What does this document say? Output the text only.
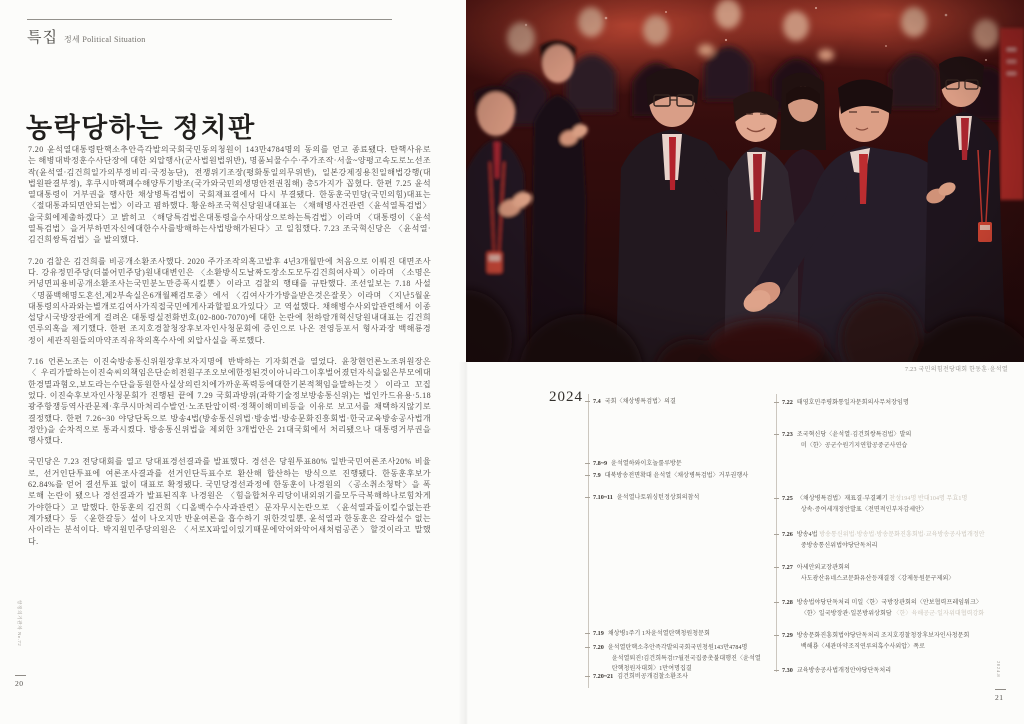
특집 정세 Political Situation
농락당하는 정치판

7.20 윤석열대통령탄핵소추안즉각발의국회국민동의청원이 143만4784명의 동의를 얻고 종료됐다. 탄핵사유로는 해병대박정훈수사단장에 대한 외압행사(군사법원법위반), 명품뇌물수수·주가조작·서울~양평고속도로노선조작(윤석열·김건희일가의부정비리·국정농단), 전쟁위기조장(평화통일의무위반), 일본강제징용친일해법강행(대법원판결부정), 후쿠시마핵폐수해양투기방조(국가와국민의생명안전권침해) 총5가지가 꼽혔다. 한편 7.25 윤석열대통령이 거부권을 행사한 채상병특검법이 국회재표결에서 다시 부결됐다. 한동훈국민당(국민의힘)대표는 〈절대통과되면안되는법〉이라고 폄하했다. 황운하조국혁신당원내대표는 〈채해병사건관련〈윤석열특검법〉을국회에제출하겠다〉고 밝히고 〈해당특검법은대통령을수사대상으로하는특검법〉이라며 〈대통령이〈윤석열특검법〉을거부하면자신에대한수사를방해하는사법방해가된다〉고 일침했다. 7.23 조국혁신당은 〈윤석열·김건희쌍특검법〉을 발의했다.

7.20 검찰은 김건희를 비공개소환조사했다. 2020 주가조작의혹고발후 4년3개월만에 처음으로 이뤄진 대면조사다. 강유정민주당(더불어민주당)원내대변인은 〈소환방식도날짜도장소도모두김건희여사픽〉이라며 〈소명은커녕면피용비공개소환조사는국민분노만증폭시킬뿐〉이라고 검찰의 행태를 규탄했다. 조선일보는 7.18 사설〈명품백해명도혼선,제2부속실은6개월째검토중〉에서 〈김여사가가방을받은것은잘못〉이라며 〈지난5월윤대통령의사과와는별개로김여사가직접국민에게사과할필요가있다〉고 역설했다. 채해병수사외압관련해서 이종섭당시국방장관에게 걸려온 대통령실전화번호(02-800-7070)에 대한 논란에 천하람개혁신당원내대표는 김건희연루의혹을 제기했다. 한편 조지호경찰청장후보자인사청문회에 증인으로 나온 전영등포서 형사과장 백해룡경정이 세관직원들의마약조직유착의혹수사에 외압사실을 폭로했다.

7.16 언론노조는 이진숙방송통신위원장후보자지명에 반박하는 기자회견을 열었다. 윤창현언론노조위원장은 〈우리가말하는이진숙씨의책임은단순히전원구조오보에한정된것이아니라그이후벌어졌던자식을잃은부모에대한경멸과혐오,보도라는수단을동원한사실상의린치에가까운폭력등에대한기본적책임을말하는것〉이라고 꼬집었다. 이진숙후보자인사청문회가 진행된 끝에 7.29 국회과방위(과학기술정보방송통신위)는 법인카드유용·5.18광주항쟁등역사관문제·후쿠시마처리수발언·노조탄압이력·정책이해미비등을 이유로 보고서를 채택하지않기로 결정했다. 한편 7.26~30 야당단독으로 방송4법(방송통신위법·방송법·방송문화진흥회법·한국교육방송공사법개정안)을 순차적으로 통과시켰다. 방송통신위법을 제외한 3개법안은 21대국회에서 처리됐으나 대통령거부권을 행사했다.

국민당은 7.23 전당대회를 열고 당대표경선결과를 발표했다. 경선은 당원투표80% 일반국민여론조사20% 비율로, 선거인단투표에 여론조사결과를 선거인단득표수로 환산해 합산하는 방식으로 진행됐다. 한동훈후보가 62.84%를 얻어 결선투표 없이 대표로 확정됐다. 국민당경선과정에 한동훈이 나경원의 〈공소취소청탁〉을 폭로해 논란이 됐으나 경선결과가 발표된직후 나경원은 〈힘을합쳐우리당이내외위기를모두극복해하나로힘차게가야한다〉고 말했다. 한동훈의 김건희〈디올백수수사과관련〉문자무시논란으로 〈윤석열과돌이킬수없는관계가됐다〉등 〈윤한갈등〉설이 나오지만 반윤여론을 흡수하기 위한것일뿐, 윤석열과 한동훈은 갈라설수 없는 사이라는 분석이다. 박지원민주당의원은 〈서로X파일이있기때문에악어와악어새처럼공존〉할것이라고 말했다.

항쟁의기관차 No.72
20
7.23 국민의힘전당대회 한동훈·윤석열
2024 7.4 국회〈채상병특검법〉의결
7.8~9 윤석열하와이호놀룰루방문
7.9 대북방송전면확대 윤석열〈채상병특검법〉거부권행사
7.10~11 윤석열나토워싱턴정상회의참석
7.19 채상병1주기 1차윤석열탄핵청원청문회
7.20 윤석열탄핵소추안즉각발의국회국민청원143만4784명
윤석열퇴진!김건희특검!7월전국집중촛불대행진〈윤석열
탄핵청원자대회〉1만여명집결
7.20~21 김건희비공개검찰소환조사
7.22 태영호민주평화통일자문회의사무처장임명
7.23 조국혁신당〈윤석열·김건희쌍특검법〉발의
미〈한〉공군수원기지연합공중군사연습
7.25 〈채상병특검법〉재표결·부결폐기 찬성194명 반대104명 무효1명
상속·증여세개정안발표〈전면적인부자감세안〉
7.26 방송4법 방송통신위법·방송법·방송문화진흥회법·교육방송공사법개정안
중방송통신위법야당단독처리
7.27 아세안외교장관회의
사도광산유네스코문화유산등재결정〈강제동원문구제외〉
7.28 방송법야당단독처리 미일〈한〉국방장관회의〈안보협력프레임워크〉
〈한〉일국방장관·일본방위상회담 〈한〉육해공군·일자위대협력강화
7.29 방송문화진흥회법야당단독처리 조지호경찰청장후보자인사청문회
백해룡〈세관마약조직연루의혹수사외압〉폭로
7.30 교육방송공사법개정안야당단독처리	2024.8
21
